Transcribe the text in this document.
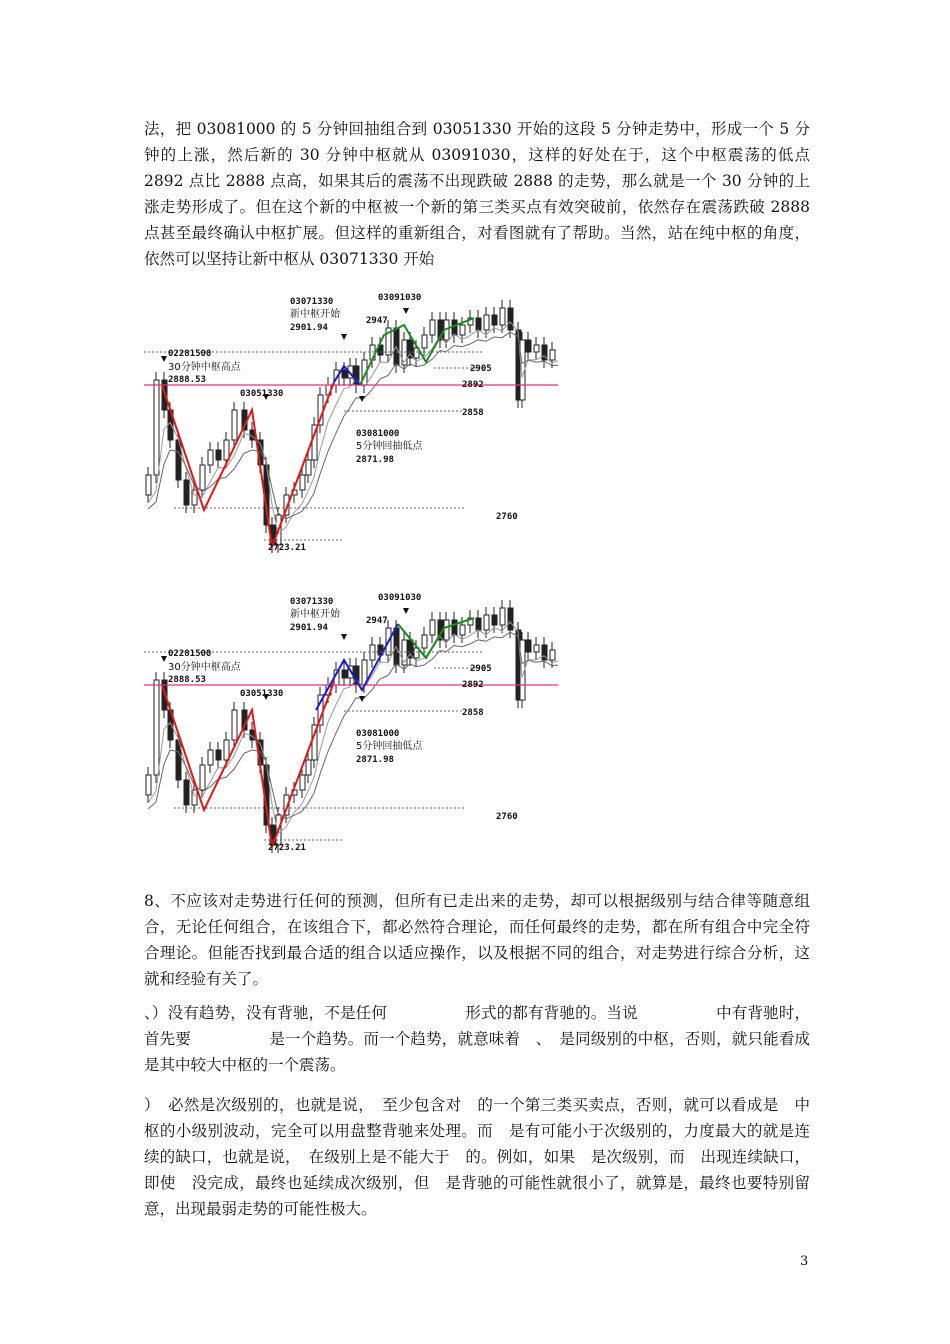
法，把 03081000 的 5 分钟回抽组合到 03051330 开始的这段 5 分钟走势中，形成一个 5 分钟的上涨，然后新的 30 分钟中枢就从 03091030，这样的好处在于，这个中枢震荡的低点 2892 点比 2888 点高，如果其后的震荡不出现跌破 2888 的走势，那么就是一个 30 分钟的上涨走势形成了。但在这个新的中枢被一个新的第三类买点有效突破前，依然存在震荡跌破 2888 点甚至最终确认中枢扩展。但这样的重新组合，对看图就有了帮助。当然，站在纯中枢的角度，依然可以坚持让新中枢从 03071330 开始

03071330
新中枢开始
2901.94
03091030
2947
2905
2892
2858
2760
02281500
30分钟中枢高点
2888.53
03051330
03081000
5分钟回抽低点
2871.98
2723.21
03071330
新中枢开始
2901.94
03091030
2947
2905
2892
2858
2760
02281500
30分钟中枢高点
2888.53
03051330
03081000
5分钟回抽低点
2871.98
2723.21

8、不应该对走势进行任何的预测，但所有已走出来的走势，却可以根据级别与结合律等随意组合，无论任何组合，在该组合下，都必然符合理论，而任何最终的走势，都在所有组合中完全符合理论。但能否找到最合适的组合以适应操作，以及根据不同的组合，对走势进行综合分析，这就和经验有关了。

、）没有趋势，没有背驰，不是任何　　　　　形式的都有背驰的。当说　　　　　中有背驰时，首先要　　　　　是一个趋势。而一个趋势，就意味着　、　是同级别的中枢，否则，就只能看成是其中较大中枢的一个震荡。

）　必然是次级别的，也就是说，　至少包含对　的一个第三类买卖点，否则，就可以看成是　中枢的小级别波动，完全可以用盘整背驰来处理。而　是有可能小于次级别的，力度最大的就是连续的缺口，也就是说，　在级别上是不能大于　的。例如，如果　是次级别，而　出现连续缺口，即使　没完成，最终也延续成次级别，但　是背驰的可能性就很小了，就算是，最终也要特别留意，出现最弱走势的可能性极大。

3
